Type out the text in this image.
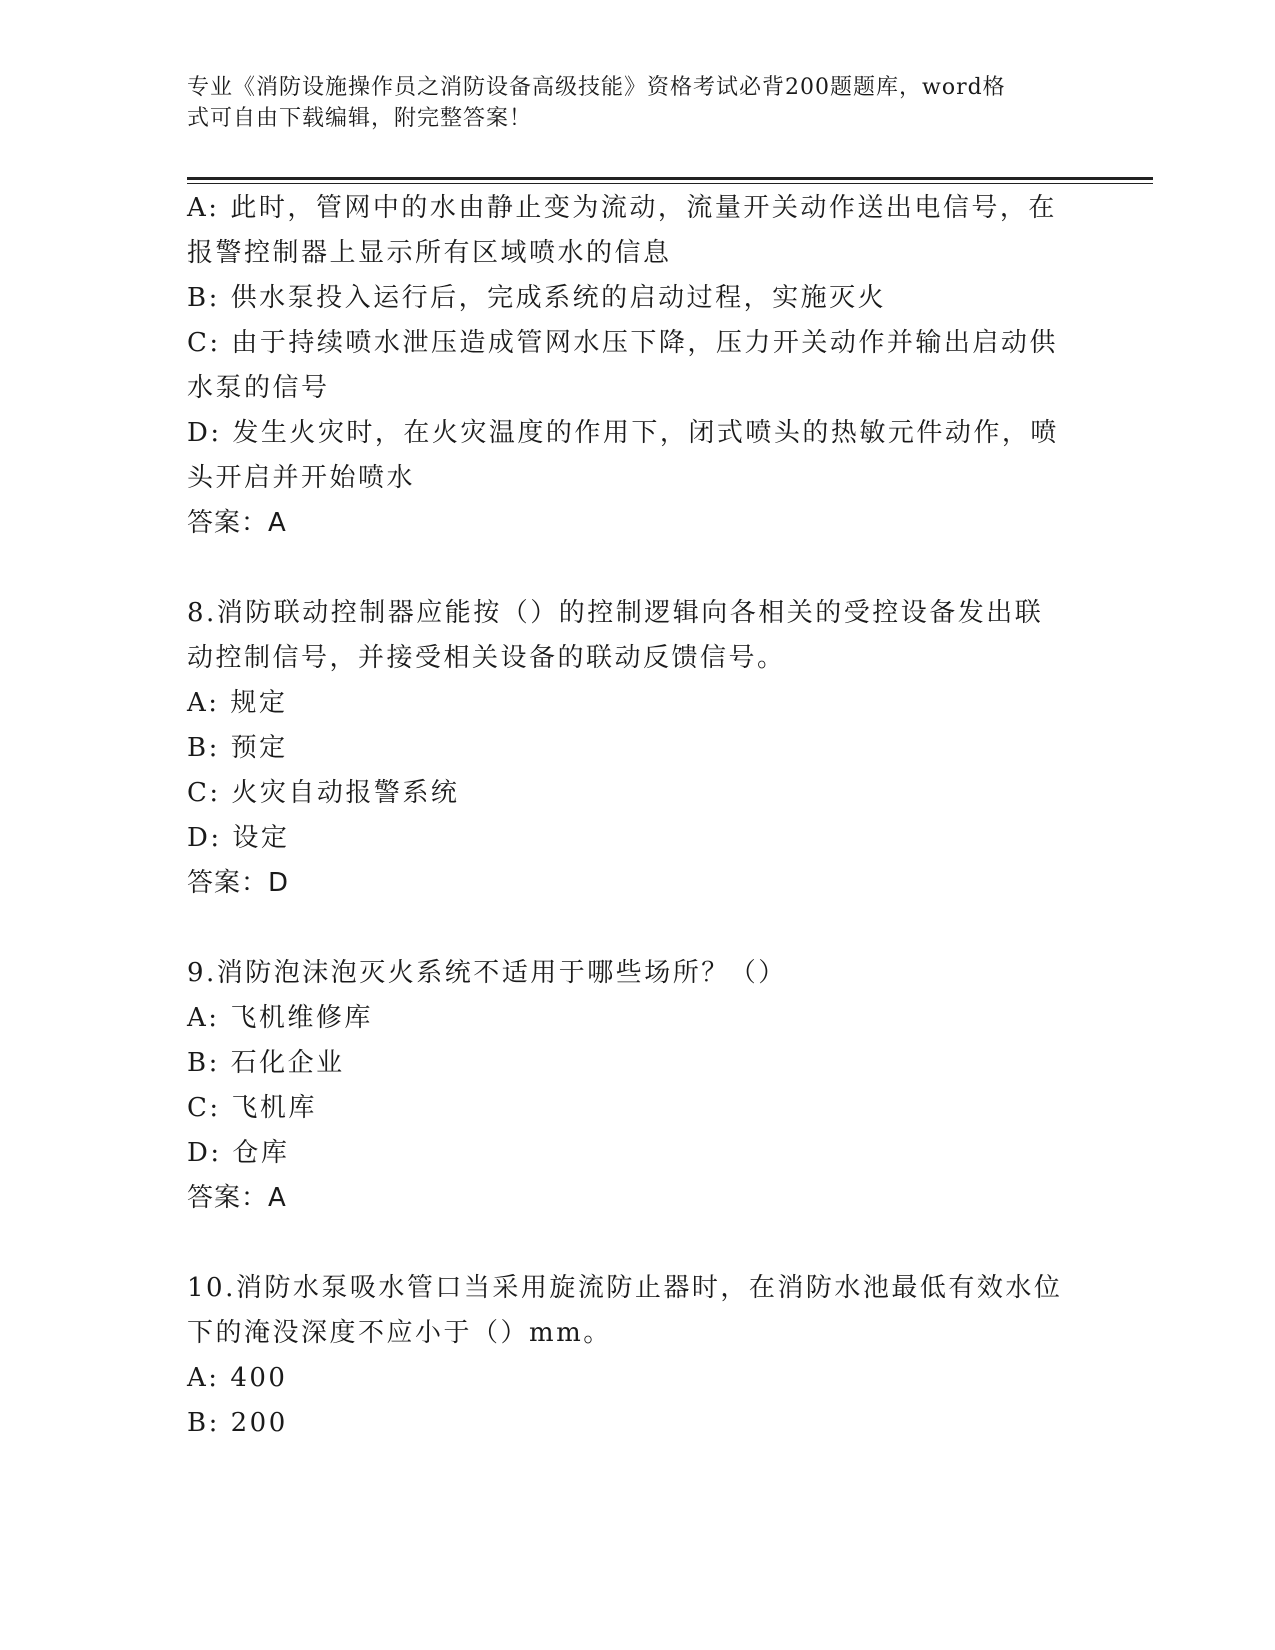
专业《消防设施操作员之消防设备高级技能》资格考试必背200题题库，word格
式可自由下载编辑，附完整答案！
A: 此时，管网中的水由静止变为流动，流量开关动作送出电信号，在
报警控制器上显示所有区域喷水的信息
B: 供水泵投入运行后，完成系统的启动过程，实施灭火
C: 由于持续喷水泄压造成管网水压下降，压力开关动作并输出启动供
水泵的信号
D: 发生火灾时，在火灾温度的作用下，闭式喷头的热敏元件动作，喷
头开启并开始喷水
答案：A
8.消防联动控制器应能按（）的控制逻辑向各相关的受控设备发出联
动控制信号，并接受相关设备的联动反馈信号。
A: 规定
B: 预定
C: 火灾自动报警系统
D: 设定
答案：D
9.消防泡沫泡灭火系统不适用于哪些场所？（）
A: 飞机维修库
B: 石化企业
C: 飞机库
D: 仓库
答案：A
10.消防水泵吸水管口当采用旋流防止器时，在消防水池最低有效水位
下的淹没深度不应小于（）mm。
A: 400
B: 200
